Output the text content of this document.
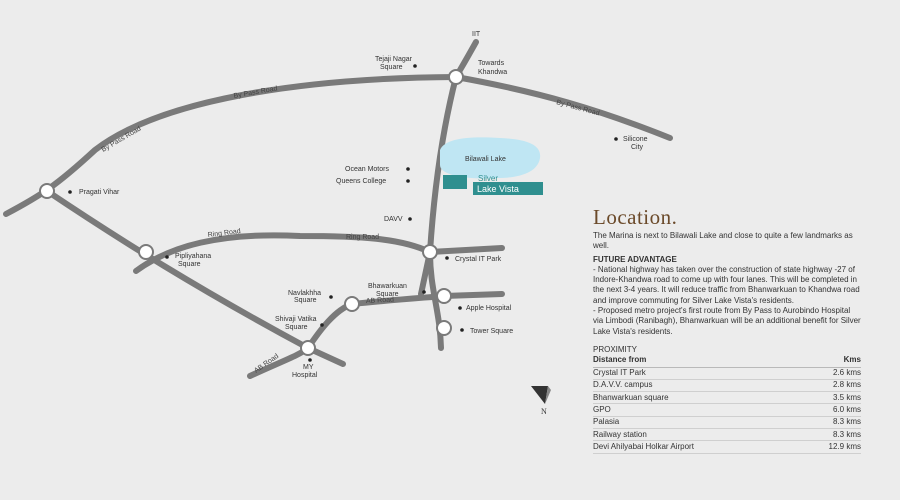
Bilawali Lake
Silver
Lake Vista
By Pass Road
By Pass Road
By Pass Road
Ring Road	Ring Road
AB Road
AB Road
IIT
Tejaji Nagar
Square
Towards
Khandwa
Silicone
City
Pragati Vihar
Ocean Motors
Queens College
DAVV
Pipliyahana
Square
Crystal IT Park
Bhawarkuan
Square
Navlakhha
Square
Apple Hospital
Tower Square
Shivaji Vatika
Square
MY
Hospital
N
Location.

The Marina is next to Bilawali Lake and close to quite a few landmarks as well.

FUTURE ADVANTAGE

- National highway has taken over the construction of state highway -27 of Indore-Khandwa road to come up with four lanes. This will be completed in the next 3-4 years. It will reduce traffic from Bhanwarkuan to Khandwa road and improve commuting for Silver Lake Vista's residents.

- Proposed metro project's first route from By Pass to Aurobindo Hospital via Limbodi (Ranibagh), Bhanwarkuan will be an additional benefit for Silver Lake Vista's residents.

PROXIMITY
Distance from	Kms
Crystal IT Park	2.6 kms
D.A.V.V. campus	2.8 kms
Bhanwarkuan square	3.5 kms
GPO	6.0 kms
Palasia	8.3 kms
Railway station	8.3 kms
Devi Ahilyabai Holkar Airport	12.9 kms
